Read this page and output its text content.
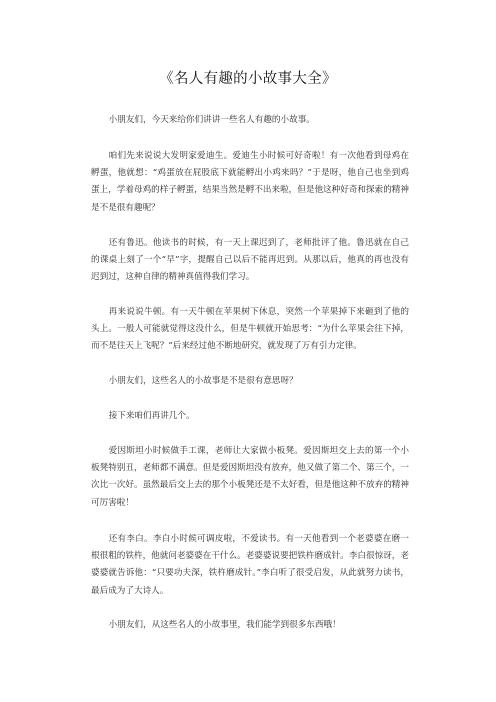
《名人有趣的小故事大全》

小朋友们，今天来给你们讲讲一些名人有趣的小故事。

咱们先来说说大发明家爱迪生。爱迪生小时候可好奇啦！有一次他看到母鸡在孵蛋，他就想：“鸡蛋放在屁股底下就能孵出小鸡来吗？”于是呀，他自己也坐到鸡蛋上，学着母鸡的样子孵蛋，结果当然是孵不出来啦，但是他这种好奇和探索的精神是不是很有趣呢？

还有鲁迅。他读书的时候，有一天上课迟到了，老师批评了他。鲁迅就在自己的课桌上刻了一个“早”字，提醒自己以后不能再迟到。从那以后，他真的再也没有迟到过，这种自律的精神真值得我们学习。

再来说说牛顿。有一天牛顿在苹果树下休息，突然一个苹果掉下来砸到了他的头上。一般人可能就觉得这没什么，但是牛顿就开始思考：“为什么苹果会往下掉，而不是往天上飞呢？”后来经过他不断地研究，就发现了万有引力定律。

小朋友们，这些名人的小故事是不是很有意思呀？

接下来咱们再讲几个。

爱因斯坦小时候做手工课，老师让大家做小板凳。爱因斯坦交上去的第一个小板凳特别丑，老师都不满意。但是爱因斯坦没有放弃，他又做了第二个、第三个，一次比一次好。虽然最后交上去的那个小板凳还是不太好看，但是他这种不放弃的精神可厉害啦！

还有李白。李白小时候可调皮啦，不爱读书。有一天他看到一个老婆婆在磨一根很粗的铁杵，他就问老婆婆在干什么。老婆婆说要把铁杵磨成针。李白很惊讶，老婆婆就告诉他：“只要功夫深，铁杵磨成针。”李白听了很受启发，从此就努力读书，最后成为了大诗人。

小朋友们，从这些名人的小故事里，我们能学到很多东西哦！
